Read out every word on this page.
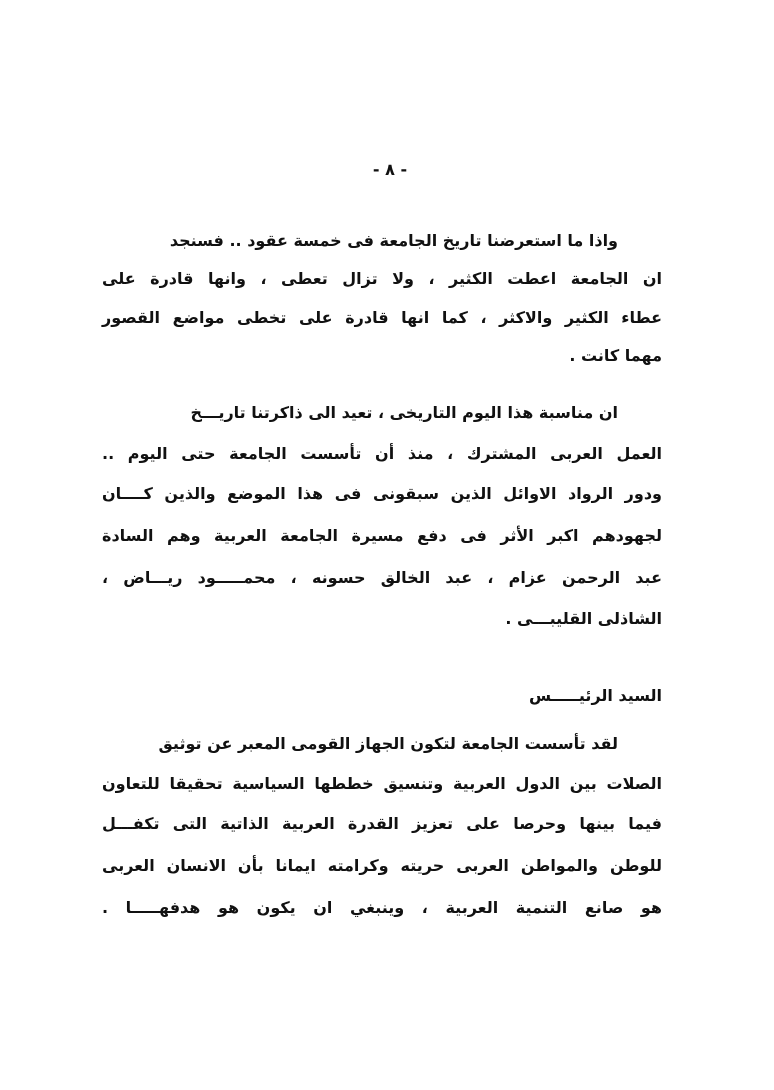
- ٨ -
واذا ما استعرضنا تاريخ الجامعة فى خمسة عقود .. فسنجد
ان الجامعة اعطت الكثير ، ولا تزال تعطى ، وانها قادرة على
عطاء الكثير والاكثر ، كما انها قادرة على تخطى مواضع القصور
مهما كانت .
ان مناسبة هذا اليوم التاريخى ، تعيد الى ذاكرتنا تاريـــخ
العمل العربى المشترك ، منذ أن تأسست الجامعة حتى اليوم ..
ودور الرواد الاوائل الذين سبقونى فى هذا الموضع والذين كــــان
لجهودهم اكبر الأثر فى دفع مسيرة الجامعة العربية وهم السادة
عبد الرحمن عزام ، عبد الخالق حسونه ، محمـــــود ريـــاض ،
الشاذلى القليبـــى .
السيد الرئيـــــس
لقد تأسست الجامعة لتكون الجهاز القومى المعبر عن توثيق
الصلات بين الدول العربية وتنسيق خططها السياسية تحقيقا للتعاون
فيما بينها وحرصا على تعزيز القدرة العربية الذاتية التى تكفـــل
للوطن والمواطن العربى حريته وكرامته ايمانا بأن الانسان العربى
هو صانع التنمية العربية ، وينبغي ان يكون هو هدفهـــــا .
